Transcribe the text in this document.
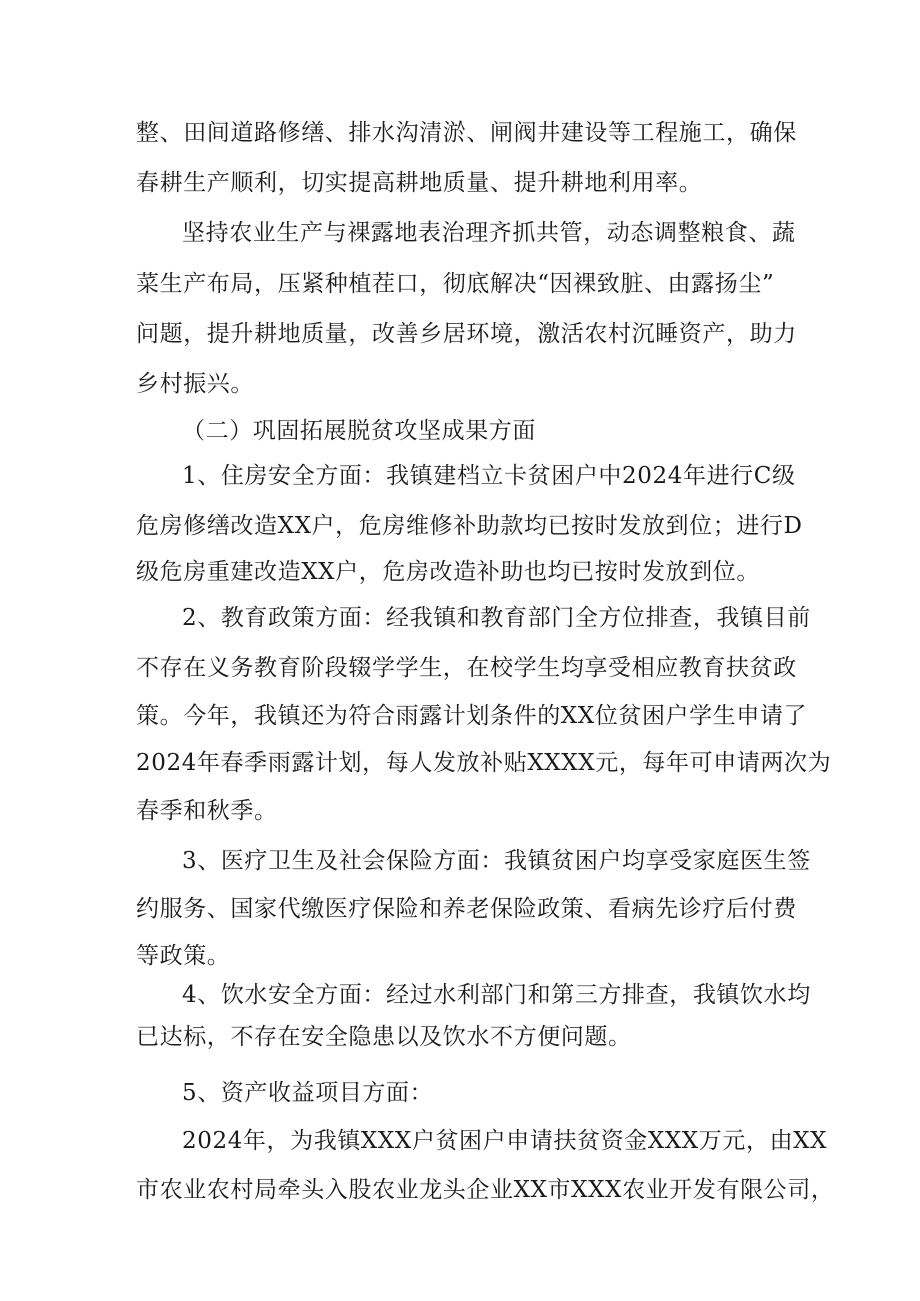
整、田间道路修缮、排水沟清淤、闸阀井建设等工程施工，确保
春耕生产顺利，切实提高耕地质量、提升耕地利用率。
坚持农业生产与裸露地表治理齐抓共管，动态调整粮食、蔬
菜生产布局，压紧种植茬口，彻底解决“因裸致脏、由露扬尘”
问题，提升耕地质量，改善乡居环境，激活农村沉睡资产，助力
乡村振兴。
（二）巩固拓展脱贫攻坚成果方面
1、住房安全方面：我镇建档立卡贫困户中2024年进行C级
危房修缮改造XX户，危房维修补助款均已按时发放到位；进行D
级危房重建改造XX户，危房改造补助也均已按时发放到位。
2、教育政策方面：经我镇和教育部门全方位排查，我镇目前
不存在义务教育阶段辍学学生，在校学生均享受相应教育扶贫政
策。今年，我镇还为符合雨露计划条件的XX位贫困户学生申请了
2024年春季雨露计划，每人发放补贴XXXX元，每年可申请两次为
春季和秋季。
3、医疗卫生及社会保险方面：我镇贫困户均享受家庭医生签
约服务、国家代缴医疗保险和养老保险政策、看病先诊疗后付费
等政策。
4、饮水安全方面：经过水利部门和第三方排查，我镇饮水均
已达标，不存在安全隐患以及饮水不方便问题。
5、资产收益项目方面：
2024年，为我镇XXX户贫困户申请扶贫资金XXX万元，由XX
市农业农村局牵头入股农业龙头企业XX市XXX农业开发有限公司，
